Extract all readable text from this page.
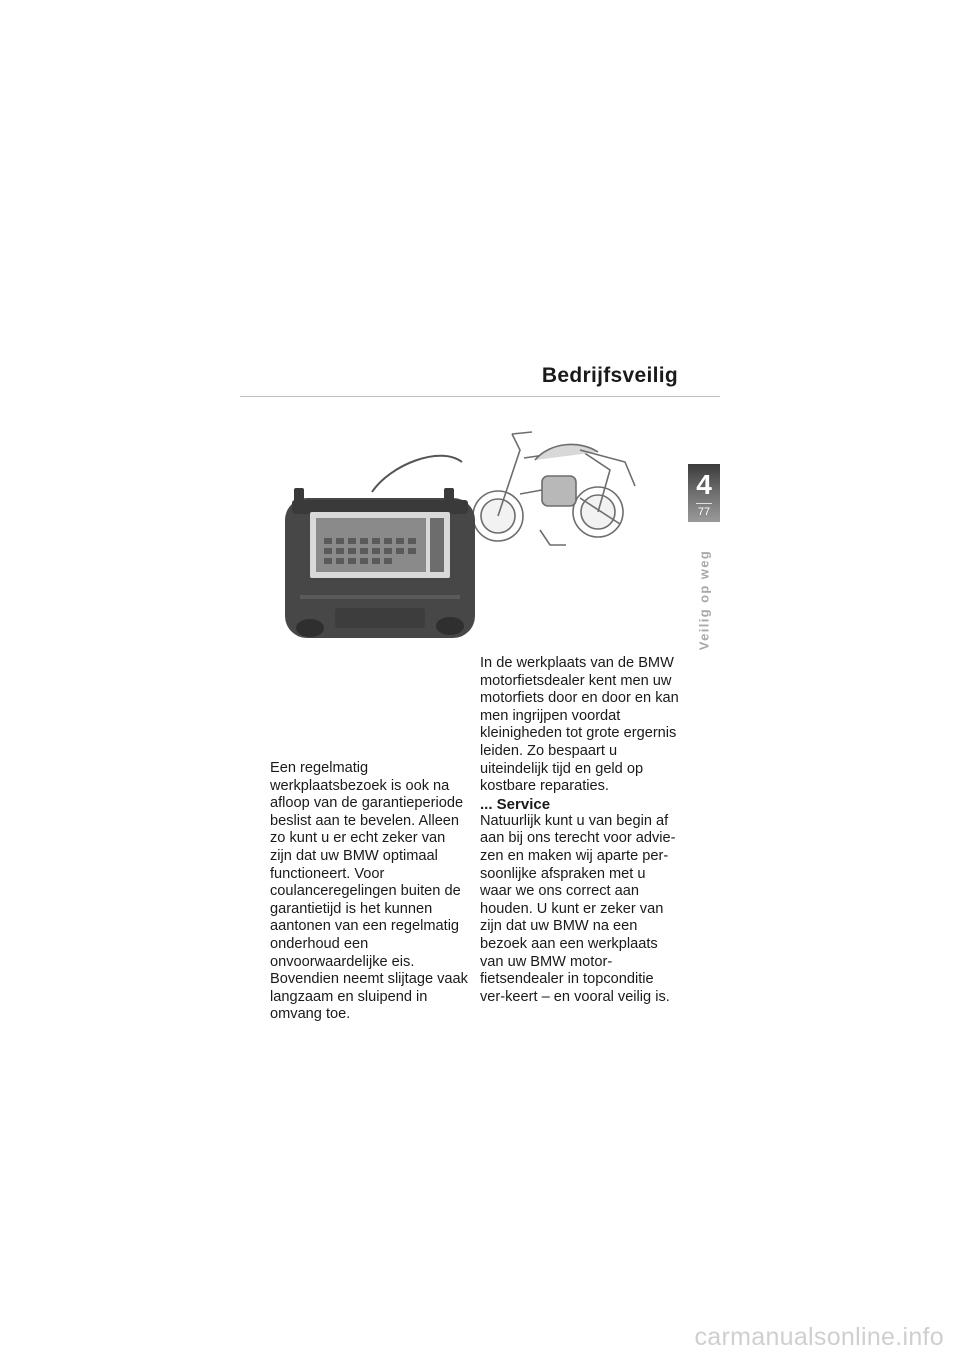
Bedrijfsveilig
4
77
Veilig op weg

Een regelmatig werkplaatsbezoek is ook na afloop van de garantieperiode beslist aan te bevelen. Alleen zo kunt u er echt zeker van zijn dat uw BMW optimaal functioneert. Voor coulanceregelingen buiten de garantietijd is het kunnen aantonen van een regelmatig onderhoud een onvoorwaardelijke eis. Bovendien neemt slijtage vaak langzaam en sluipend in omvang toe.

In de werkplaats van de BMW motorfietsdealer kent men uw motorfiets door en door en kan men ingrijpen voordat kleinigheden tot grote ergernis leiden. Zo bespaart u uiteindelijk tijd en geld op kostbare reparaties.

... Service

Natuurlijk kunt u van begin af aan bij ons terecht voor advie-zen en maken wij aparte per-soonlijke afspraken met u waar we ons correct aan houden. U kunt er zeker van zijn dat uw BMW na een bezoek aan een werkplaats van uw BMW motor-fietsendealer in topconditie ver-keert – en vooral veilig is.

carmanualsonline.info
